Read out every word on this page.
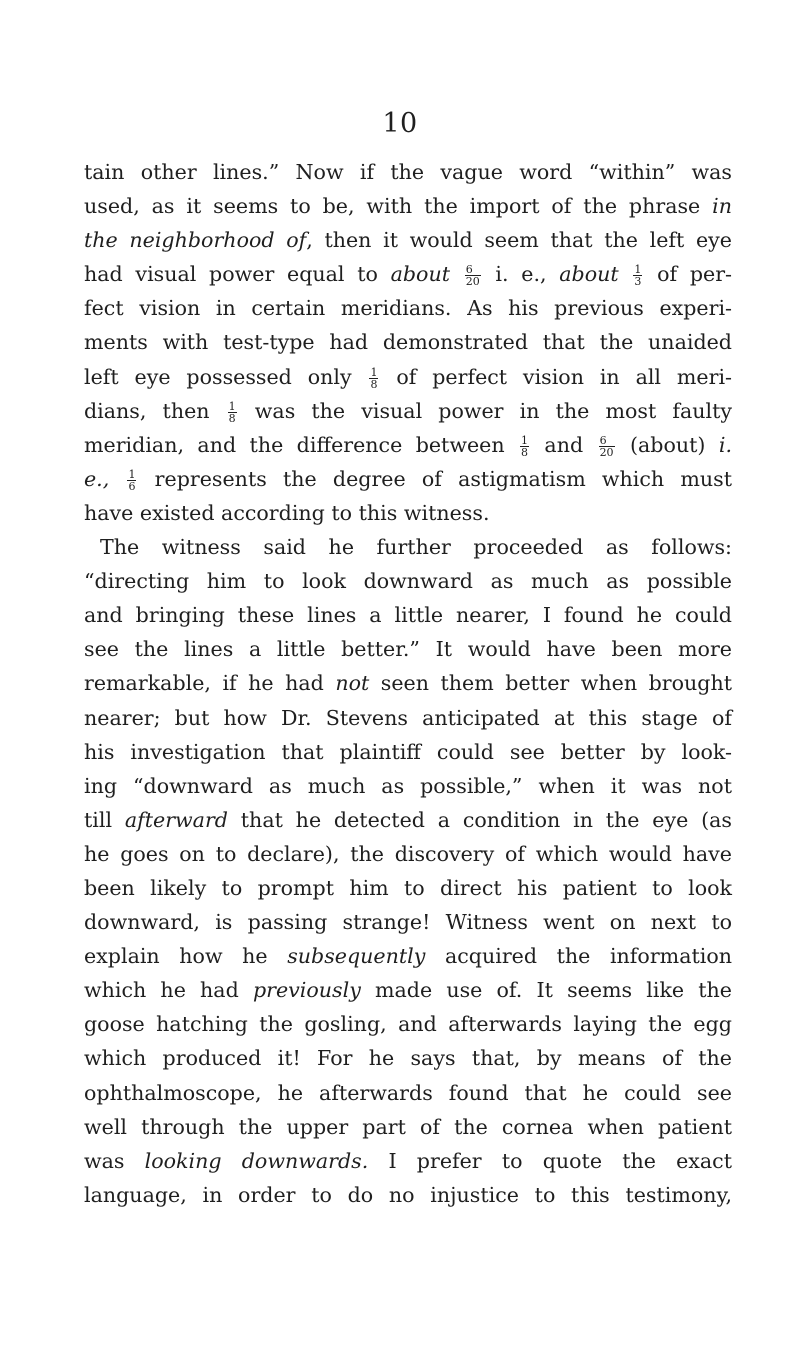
10
tain other lines.” Now if the vague word “within” was
used, as it seems to be, with the import of the phrase in
the neighborhood of, then it would seem that the left eye
had visual power equal to about $\frac{6}{20} i$. e., about $\frac{1}{3}$ of per-
fect vision in certain meridians. As his previous experi-
ments with test-type had demonstrated that the unaided
left eye possessed only $\frac{1}{8}$ of perfect vision in all meri-
dians, then $\frac{1}{8}$ was the visual power in the most faulty
meridian, and the difference between $\frac{1}{8}$ and $\frac{6}{20}$ (about) i.
e., $\frac{1}{6}$ represents the degree of astigmatism which must
have existed according to this witness.
The witness said he further proceeded as follows:
“directing him to look downward as much as possible
and bringing these lines a little nearer, I found he could
see the lines a little better.” It would have been more
remarkable, if he had not seen them better when brought
nearer; but how Dr. Stevens anticipated at this stage of
his investigation that plaintiff could see better by look-
ing “downward as much as possible,” when it was not
till afterward that he detected a condition in the eye (as
he goes on to declare), the discovery of which would have
been likely to prompt him to direct his patient to look
downward, is passing strange! Witness went on next to
explain how he subsequently acquired the information
which he had previously made use of. It seems like the
goose hatching the gosling, and afterwards laying the egg
which produced it! For he says that, by means of the
ophthalmoscope, he afterwards found that he could see
well through the upper part of the cornea when patient
was looking downwards. I prefer to quote the exact
language, in order to do no injustice to this testimony,
